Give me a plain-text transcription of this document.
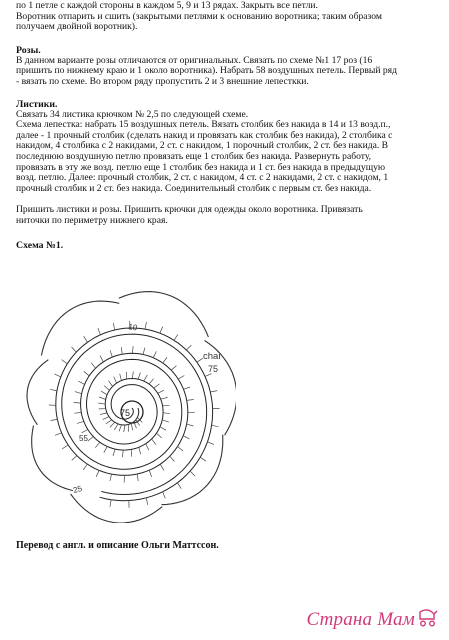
по 1 петле с каждой стороны в каждом 5, 9 и 13 рядах. Закрыть все петли.

Воротник отпарить и сшить (закрытыми петлями к основанию воротника; таким образом

получаем двойной воротник).

Розы.

В данном варианте розы отличаются от оригинальных. Связать по схеме №1 17 роз (16

пришить по нижнему краю и 1 около воротника). Набрать 58 воздушных петель. Первый ряд

- вязать по схеме. Во втором ряду пропустить 2 и 3 внешние лепесткки.

Листики.

Связать 34 листика крючком № 2,5 по следующей схеме.

Схема лепестка: набрать 15 воздушных петель. Вязать столбик без накида в 14 и 13 возд.п.,

далее - 1 прочный столбик (сделать накид и провязать как столбик без накида), 2 столбика с

накидом, 4 столбика с 2 накидами, 2 ст. с накидом, 1 порочный столбик, 2 ст. без накида. В

последнюю воздушную петлю провязать еще 1 столбик без накида. Развернуть работу,

провязать в эту же возд. петлю еще 1 столбик без накида и 1 ст. без накида в предыдущую

возд. петлю. Далее: прочный столбик, 2 ст. с накидом, 4 ст. с 2 накидами, 2 ст. с накидом, 1

прочный столбик и 2 ст. без накида. Соединительный столбик с первым ст. без накида.

Пришить листики и розы. Пришить крючки для одежды около воротника. Привязать

ниточки по периметру нижнего края.

Схема №1.

chai
75
10
75
55
25
Перевод с англ. и описание Ольги Маттссон.
Страна Мам
